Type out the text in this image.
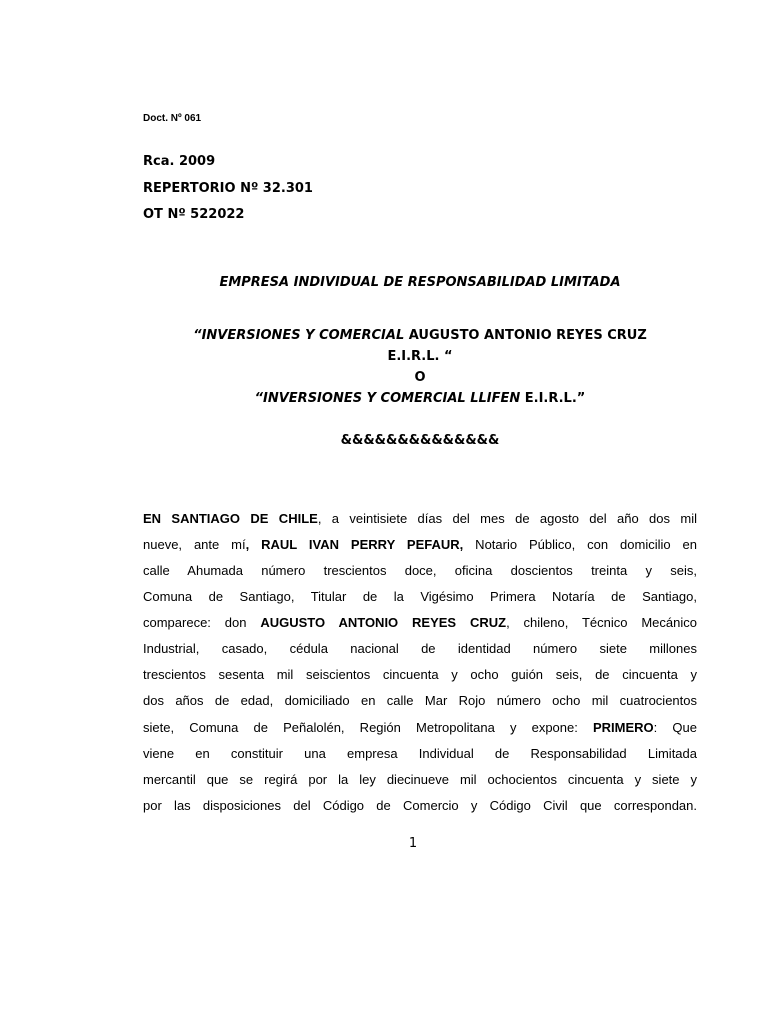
Doct. Nº 061
Rca. 2009
REPERTORIO Nº 32.301
OT Nº 522022
EMPRESA INDIVIDUAL DE RESPONSABILIDAD LIMITADA
“INVERSIONES Y COMERCIAL AUGUSTO ANTONIO REYES CRUZ
E.I.R.L. “
O
“INVERSIONES Y COMERCIAL LLIFEN E.I.R.L.”
&&&&&&&&&&&&&&
EN SANTIAGO DE CHILE, a veintisiete días del mes de agosto del año dos mil
nueve, ante mí, RAUL IVAN PERRY PEFAUR, Notario Público, con domicilio en
calle Ahumada número trescientos doce, oficina doscientos treinta y seis,
Comuna de Santiago, Titular de la Vigésimo Primera Notaría de Santiago,
comparece: don AUGUSTO ANTONIO REYES CRUZ, chileno, Técnico Mecánico
Industrial, casado, cédula nacional de identidad número siete millones
trescientos sesenta mil seiscientos cincuenta y ocho guión seis, de cincuenta y
dos años de edad, domiciliado en calle Mar Rojo número ocho mil cuatrocientos
siete, Comuna de Peñalolén, Región Metropolitana y expone: PRIMERO: Que
viene en constituir una empresa Individual de Responsabilidad Limitada
mercantil que se regirá por la ley diecinueve mil ochocientos cincuenta y siete y
por las disposiciones del Código de Comercio y Código Civil que correspondan.
1
